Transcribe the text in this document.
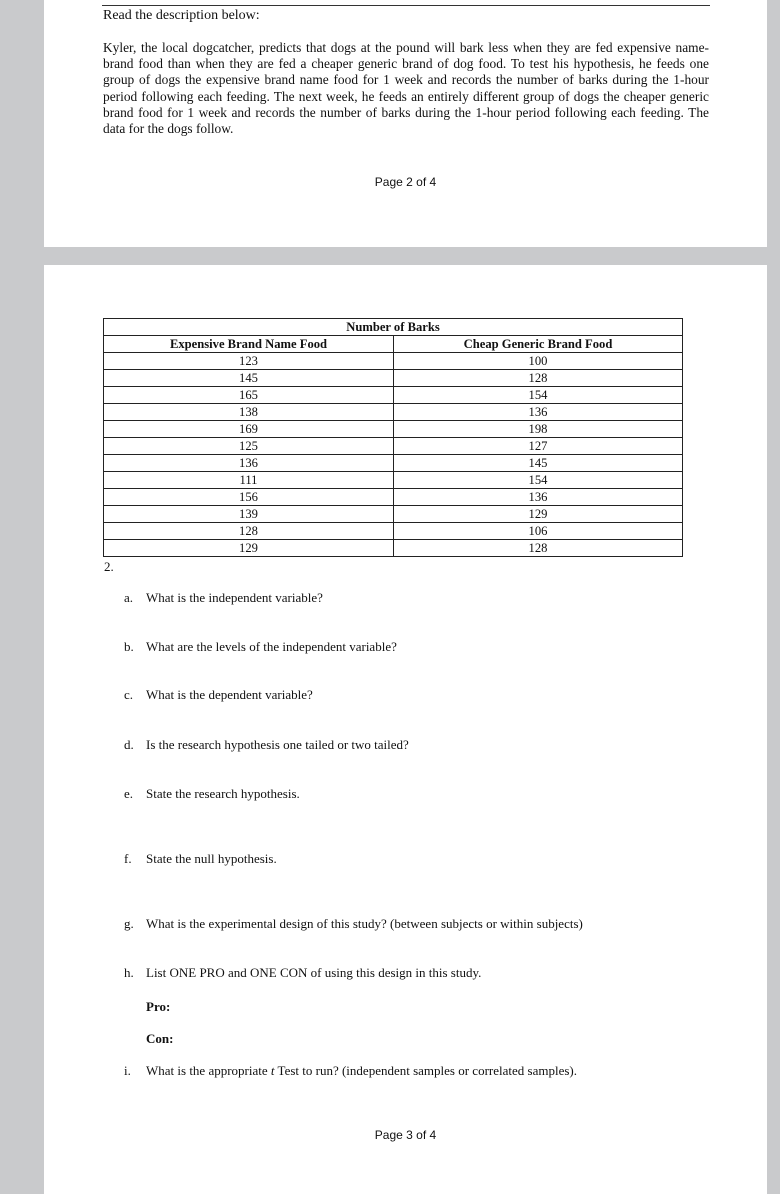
Read the description below:
Kyler, the local dogcatcher, predicts that dogs at the pound will bark less when they are fed expensive name-brand food than when they are fed a cheaper generic brand of dog food. To test his hypothesis, he feeds one group of dogs the expensive brand name food for 1 week and records the number of barks during the 1-hour period following each feeding. The next week, he feeds an entirely different group of dogs the cheaper generic brand food for 1 week and records the number of barks during the 1-hour period following each feeding. The data for the dogs follow.
Page 2 of 4
Number of Barks	
Expensive Brand Name Food	Cheap Generic Brand Food
123	100
145	128
165	154
138	136
169	198
125	127
136	145
111	154
156	136
139	129
128	106
129	128
2.
a. What is the independent variable?
b. What are the levels of the independent variable?
c. What is the dependent variable?
d. Is the research hypothesis one tailed or two tailed?
e. State the research hypothesis.
f. State the null hypothesis.
g. What is the experimental design of this study? (between subjects or within subjects)
h. List ONE PRO and ONE CON of using this design in this study.
Pro:
Con:
i. What is the appropriate t Test to run? (independent samples or correlated samples).
Page 3 of 4
